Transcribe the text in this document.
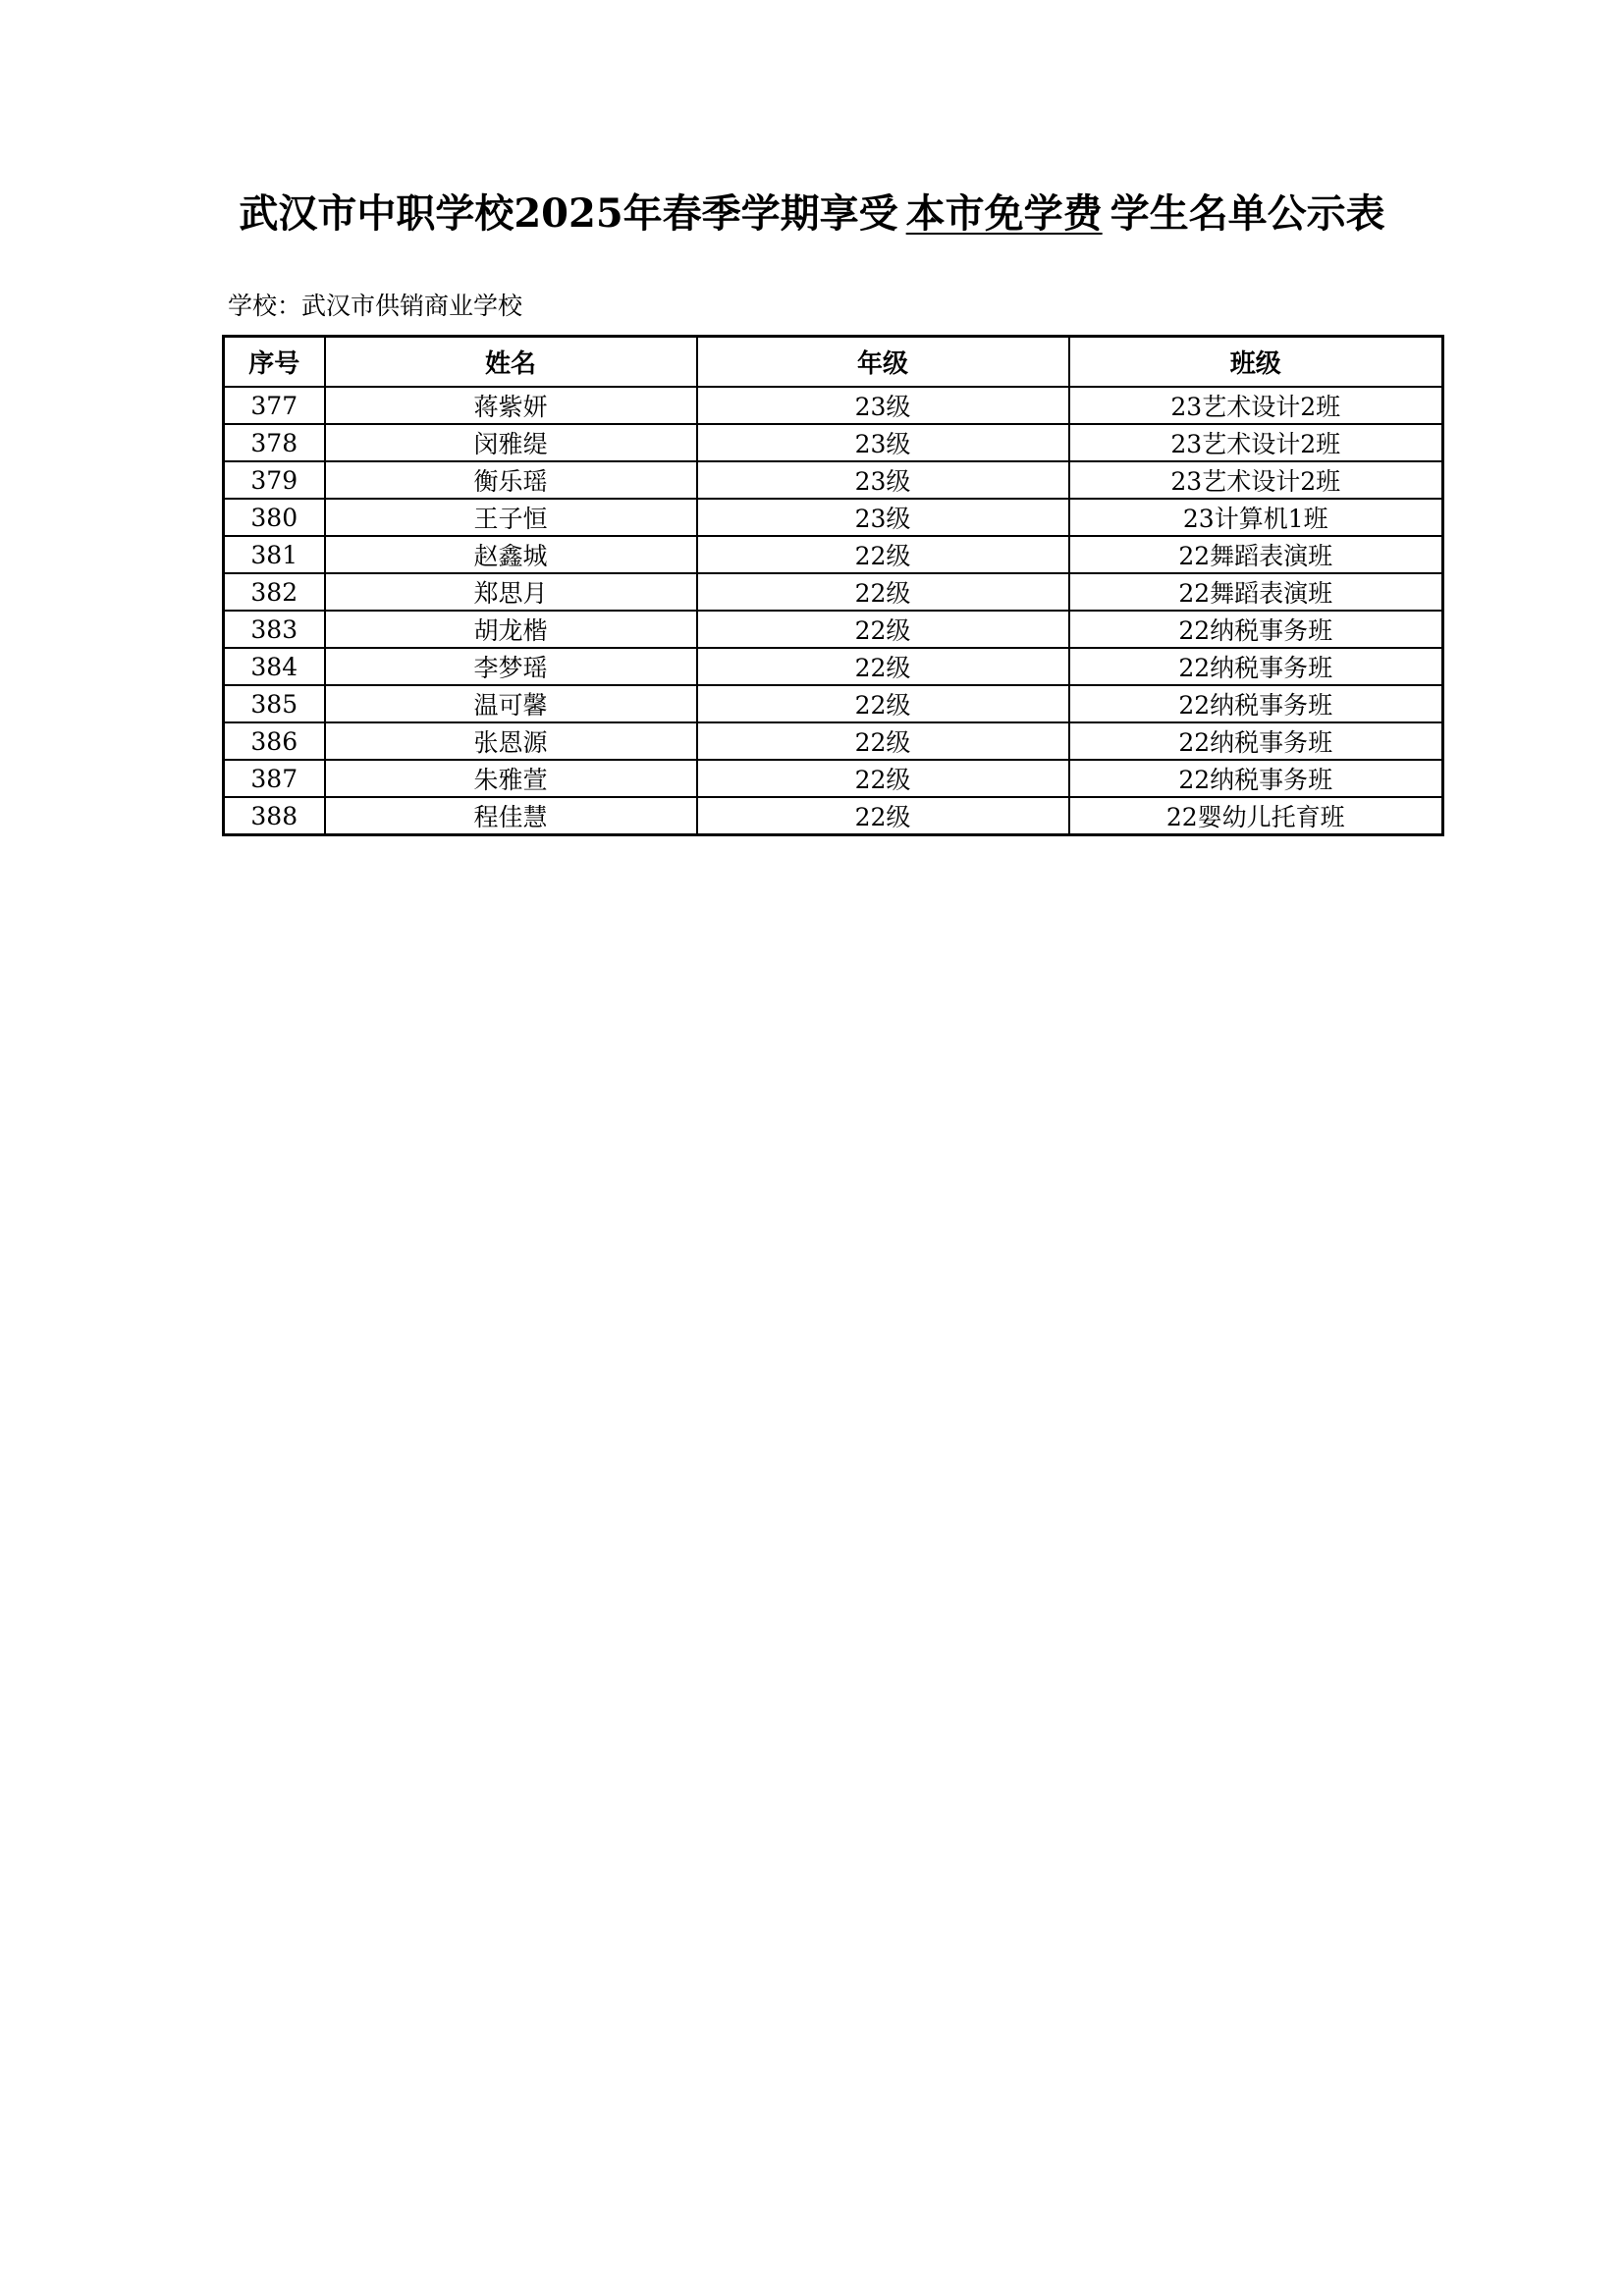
武汉市中职学校2025年春季学期享受 本市免学费 学生名单公示表
学校：武汉市供销商业学校
序号	姓名	年级	班级
377	蒋紫妍	23级	23艺术设计2班
378	闵雅缇	23级	23艺术设计2班
379	衡乐瑶	23级	23艺术设计2班
380	王子恒	23级	23计算机1班
381	赵鑫城	22级	22舞蹈表演班
382	郑思月	22级	22舞蹈表演班
383	胡龙楷	22级	22纳税事务班
384	李梦瑶	22级	22纳税事务班
385	温可馨	22级	22纳税事务班
386	张恩源	22级	22纳税事务班
387	朱雅萱	22级	22纳税事务班
388	程佳慧	22级	22婴幼儿托育班
